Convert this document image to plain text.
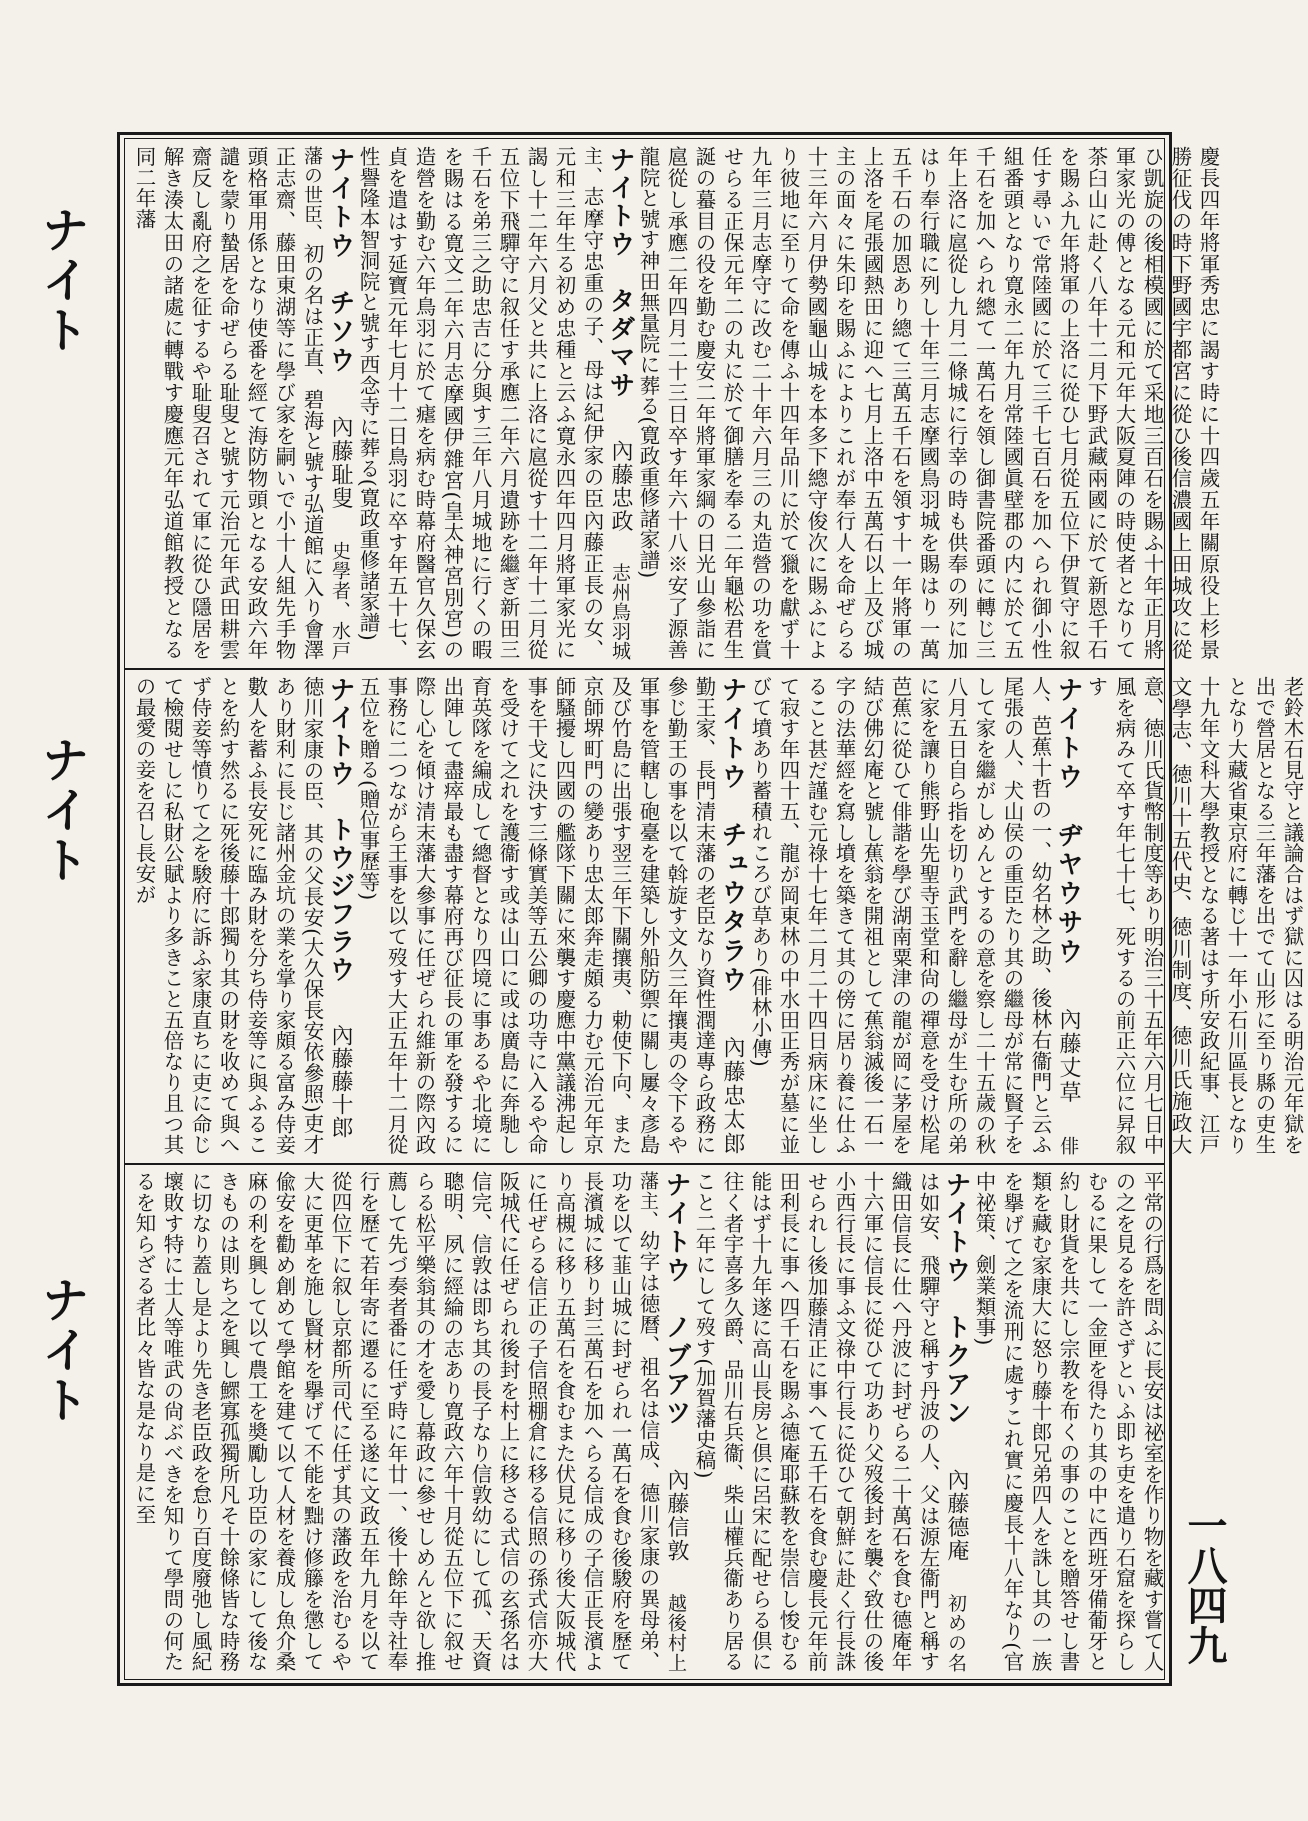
ナイト
ナイト
ナイト
慶長四年將軍秀忠に謁す時に十四歲五年關原役上杉景勝征伐の時下野國宇都宮に從ひ後信濃國上田城攻に從ひ凱旋の後相模國に於て采地三百石を賜ふ十年正月將軍家光の傅となる元和元年大阪夏陣の時使者となりて茶臼山に赴く八年十二月下野武藏兩國に於て新恩千石を賜ふ九年將軍の上洛に從ひ七月從五位下伊賀守に叙任す尋いで常陸國に於て三千七百石を加へられ御小性組番頭となり寛永二年九月常陸國眞壁郡の内に於て五千石を加へられ總て一萬石を領し御書院番頭に轉じ三年上洛に扈從し九月二條城に行幸の時も供奉の列に加はり奉行職に列し十年三月志摩國鳥羽城を賜はり一萬五千石の加恩あり總て三萬五千石を領す十一年將軍の上洛を尾張國熱田に迎へ七月上洛中五萬石以上及び城主の面々に朱印を賜ふによりこれが奉行人を命ぜらる十三年六月伊勢國龜山城を本多下總守俊次に賜ふにより彼地に至りて命を傳ふ十四年品川に於て獵を獻ず十九年三月志摩守に改む二十年六月三の丸造營の功を賞せらる正保元年二の丸に於て御膳を奉る二年龜松君生誕の蟇目の役を勤む慶安二年將軍家綱の日光山參詣に扈從し承應二年四月二十三日卒す年六十八※安了源善龍院と號す神田無量院に葬る(寛政重修諸家譜)
ナイトウ　タダマサ內藤忠政志州鳥羽城主、志摩守忠重の子、母は紀伊家の臣內藤正長の女、元和三年生る初め忠種と云ふ寛永四年四月將軍家光に謁し十二年六月父と共に上洛に扈從す十二年十二月從五位下飛驒守に叙任す承應二年六月遺跡を繼ぎ新田三千石を弟三之助忠吉に分與す三年八月城地に行くの暇を賜はる寛文二年六月志摩國伊雜宮(皇太神宮別宮)の造營を勤む六年鳥羽に於て瘧を病む時幕府醫官久保玄貞を遣はす延寶元年七月十二日鳥羽に卒す年五十七、性譽隆本智洞院と號す西念寺に葬る(寛政重修諸家譜)
ナイトウ　チソウ內藤耻叟史學者、水戸藩の世臣、初の名は正直、碧海と號す弘道館に入り會澤正志齋、藤田東湖等に學び家を嗣いで小十人組先手物頭格軍用係となり使番を經て海防物頭となる安政六年譴を蒙り蟄居を命ぜらる耻叟と號す元治元年武田耕雲齋反し亂府之を征するや耻叟召されて軍に從ひ隱居を解き湊太田の諸處に轉戰す慶應元年弘道館教授となる同二年藩
老鈴木石見守と議論合はず獄に囚はる明治元年獄を出で營居となる三年藩を出でて山形に至り縣の吏生となり大藏省東京府に轉じ十一年小石川區長となり十九年文科大學教授となる著はす所安政紀事、江戸文學志、徳川十五代史、徳川制度、徳川氏施政大意、徳川氏貨幣制度等あり明治三十五年六月七日中風を病みて卒す年七十七、死するの前正六位に昇叙す
ナイトウ　ヂヤウサウ內藤丈草俳人、芭蕉十哲の一、幼名林之助、後林右衞門と云ふ尾張の人、犬山侯の重臣たり其の繼母が常に賢子をして家を繼がしめんとするの意を察し二十五歲の秋八月五日自ら指を切り武門を辭し繼母が生む所の弟に家を讓り熊野山先聖寺玉堂和尙の禪意を受け松尾芭蕉に從ひて俳諧を學び湖南粟津の龍が岡に茅屋を結び佛幻庵と號し蕉翁を開祖として蕉翁滅後一石一字の法華經を寫し墳を築きて其の傍に居り養に仕ふること甚だ謹む元祿十七年二月二十四日病床に坐して寂す年四十五、龍が岡東林の中水田正秀が墓に並びて墳あり蓄積れころび草あり(俳林小傳)
ナイトウ　チュウタラウ內藤忠太郎勤王家、長門清末藩の老臣なり資性潤達專ら政務に參じ勤王の事を以て斡旋す文久三年攘夷の令下るや軍事を管轄し砲臺を建築し外船防禦に關し屢々彥島及び竹島に出張す翌三年下關攘夷、勅使下向、また京師堺町門の變あり忠太郎奔走頗る力む元治元年京師騷擾し四國の艦隊下關に來襲す慶應中黨議沸起し事を干戈に決す三條實美等五公卿の功寺に入るや命を受けて之れを護衞す或は山口に或は廣島に奔馳し育英隊を編成して總督となり四境に事あるや北境に出陣して盡瘁最も盡す幕府再び征長の軍を發するに際し心を傾け清末藩大參事に任ぜられ維新の際內政事務に二つながら王事を以て歿す大正五年十二月從五位を贈る(贈位事歷等)
ナイトウ　トウジフラウ內藤藤十郎
徳川家康の臣、其の父長安(大久保長安依參照)吏才あり財利に長じ諸州金坑の業を掌り家頗る富み侍妾數人を蓄ふ長安死に臨み財を分ち侍妾等に與ふることを約す然るに死後藤十郎獨り其の財を收めて與へず侍妾等憤りて之を駿府に訴ふ家康直ちに吏に命じて檢閱せしに私財公賦より多きこと五倍なり且つ其の最愛の妾を召し長安が
平常の行爲を問ふに長安は祕室を作り物を藏す嘗て人の之を見るを許さずといふ即ち吏を遣り石窟を探らしむるに果して一金匣を得たり其の中に西班牙備葡牙と約し財貨を共にし宗教を布くの事のことを贈答せし書類を藏む家康大に怒り藤十郎兄弟四人を誅し其の一族を擧げて之を流刑に處すこれ實に慶長十八年なり(官中祕策、劍業類事)
ナイトウ　トクアン內藤德庵初めの名は如安、飛驒守と稱す丹波の人、父は源左衞門と稱す織田信長に仕へ丹波に封ぜらる二十萬石を食む德庵年十六軍に信長に從ひて功あり父歿後封を襲ぐ致仕の後小西行長に事ふ文祿中行長に從ひて朝鮮に赴く行長誅せられし後加藤清正に事へて五千石を食む慶長元年前田利長に事へ四千石を賜ふ德庵耶蘇教を崇信し悛むる能はず十九年遂に高山長房と倶に呂宋に配せらる倶に往く者宇喜多久爵、品川右兵衞、柴山權兵衞あり居ること二年にして歿す(加賀藩史稿)
ナイトウ　ノブアツ內藤信敦越後村上藩主、幼字は徳曆、祖名は信成、德川家康の異母弟、功を以て韮山城に封ぜられ一萬石を食む後駿府を歷て長濱城に移り封三萬石を加へらる信成の子信正長濱より高槻に移り五萬石を食むまた伏見に移り後大阪城代に任ぜらる信正の子信照棚倉に移る信照の孫式信亦大阪城代に任ぜられ後封を村上に移さる式信の玄孫名は信完、信敦は即ち其の長子なり信敦幼にして孤、天資聰明、夙に經綸の志あり寛政六年十月從五位下に叙せらる松平樂翁其の才を愛し幕政に參せしめんと欲し推薦して先づ奏者番に任ず時に年廿一、後十餘年寺社奉行を歷て若年寄に遷るに至る遂に文政五年九月を以て從四位下に叙し京都所司代に任ず其の藩政を治むるや大に更革を施し賢材を擧げて不能を黜け修籐を懲して偸安を勸め創めて學館を建て以て人材を養成し魚介桑麻の利を興して以て農工を奬勵し功臣の家にして後なきものは則ち之を興し鰥寡孤獨所凡そ十餘條皆な時務に切なり蓋し是より先き老臣政を怠り百度廢弛し風紀壞敗す特に士人等唯武の尙ぶべきを知りて學問の何たるを知らざる者比々皆な是なり是に至
一八四九
